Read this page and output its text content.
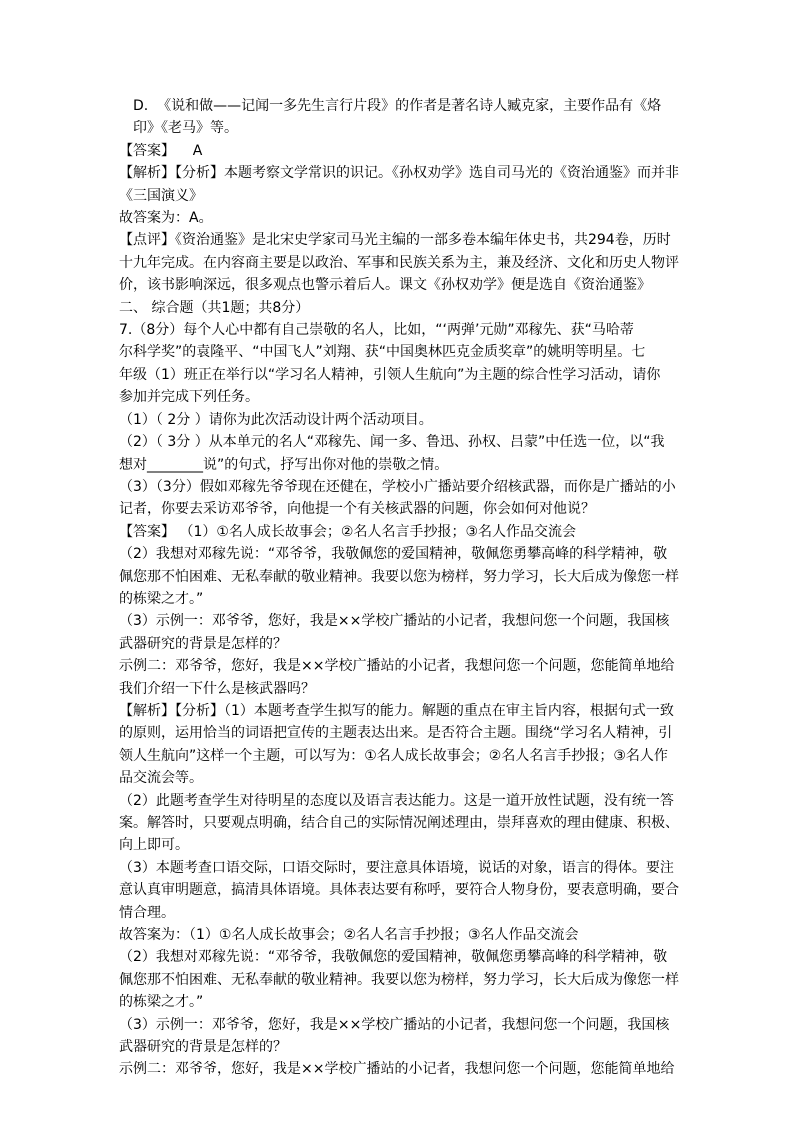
D.  《说和做——记闻一多先生言行片段》的作者是著名诗人臧克家，主要作品有《烙
印》《老马》等。
【答案】    A
【解析】【分析】本题考察文学常识的识记。《孙权劝学》选自司马光的《资治通鉴》而并非
《三国演义》
故答案为：A。
【点评】《资治通鉴》是北宋史学家司马光主编的一部多卷本编年体史书，共294卷，历时
十九年完成。在内容商主要是以政治、军事和民族关系为主，兼及经济、文化和历史人物评
价，该书影响深远，很多观点也警示着后人。课文《孙权劝学》便是选自《资治通鉴》
二、 综合题（共1题；共8分）
7.（8分）每个人心中都有自己崇敬的名人，比如，“‘两弹’元勋”邓稼先、获“马哈蒂
尔科学奖”的袁隆平、“中国飞人”刘翔、获“中国奥林匹克金质奖章”的姚明等明星。七
年级（1）班正在举行以“学习名人精神，引领人生航向”为主题的综合性学习活动，请你
参加并完成下列任务。
（1）（ 2分 ）请你为此次活动设计两个活动项目。
（2）（ 3分 ）从本单元的名人“邓稼先、闻一多、鲁迅、孙权、吕蒙”中任选一位，以“我
想对________说”的句式，抒写出你对他的崇敬之情。
（3）（3分）假如邓稼先爷爷现在还健在，学校小广播站要介绍核武器，而你是广播站的小
记者，你要去采访邓爷爷，向他提一个有关核武器的问题，你会如何对他说？
【答案】 （1）①名人成长故事会；②名人名言手抄报；③名人作品交流会
（2）我想对邓稼先说：“邓爷爷，我敬佩您的爱国精神，敬佩您勇攀高峰的科学精神，敬
佩您那不怕困难、无私奉献的敬业精神。我要以您为榜样，努力学习，长大后成为像您一样
的栋梁之才。”
（3）示例一：邓爷爷，您好，我是××学校广播站的小记者，我想问您一个问题，我国核
武器研究的背景是怎样的？
示例二：邓爷爷，您好，我是××学校广播站的小记者，我想问您一个问题，您能简单地给
我们介绍一下什么是核武器吗？
【解析】【分析】（1）本题考查学生拟写的能力。解题的重点在审主旨内容，根据句式一致
的原则，运用恰当的词语把宣传的主题表达出来。是否符合主题。围绕“学习名人精神，引
领人生航向”这样一个主题，可以写为：①名人成长故事会；②名人名言手抄报；③名人作
品交流会等。
（2）此题考查学生对待明星的态度以及语言表达能力。这是一道开放性试题，没有统一答
案。解答时，只要观点明确，结合自己的实际情况阐述理由，崇拜喜欢的理由健康、积极、
向上即可。
（3）本题考查口语交际，口语交际时，要注意具体语境，说话的对象，语言的得体。要注
意认真审明题意，搞清具体语境。具体表达要有称呼，要符合人物身份，要表意明确，要合
情合理。
故答案为：（1）①名人成长故事会；②名人名言手抄报；③名人作品交流会
（2）我想对邓稼先说：“邓爷爷，我敬佩您的爱国精神，敬佩您勇攀高峰的科学精神，敬
佩您那不怕困难、无私奉献的敬业精神。我要以您为榜样，努力学习，长大后成为像您一样
的栋梁之才。”
（3）示例一：邓爷爷，您好，我是××学校广播站的小记者，我想问您一个问题，我国核
武器研究的背景是怎样的？
示例二：邓爷爷，您好，我是××学校广播站的小记者，我想问您一个问题，您能简单地给
